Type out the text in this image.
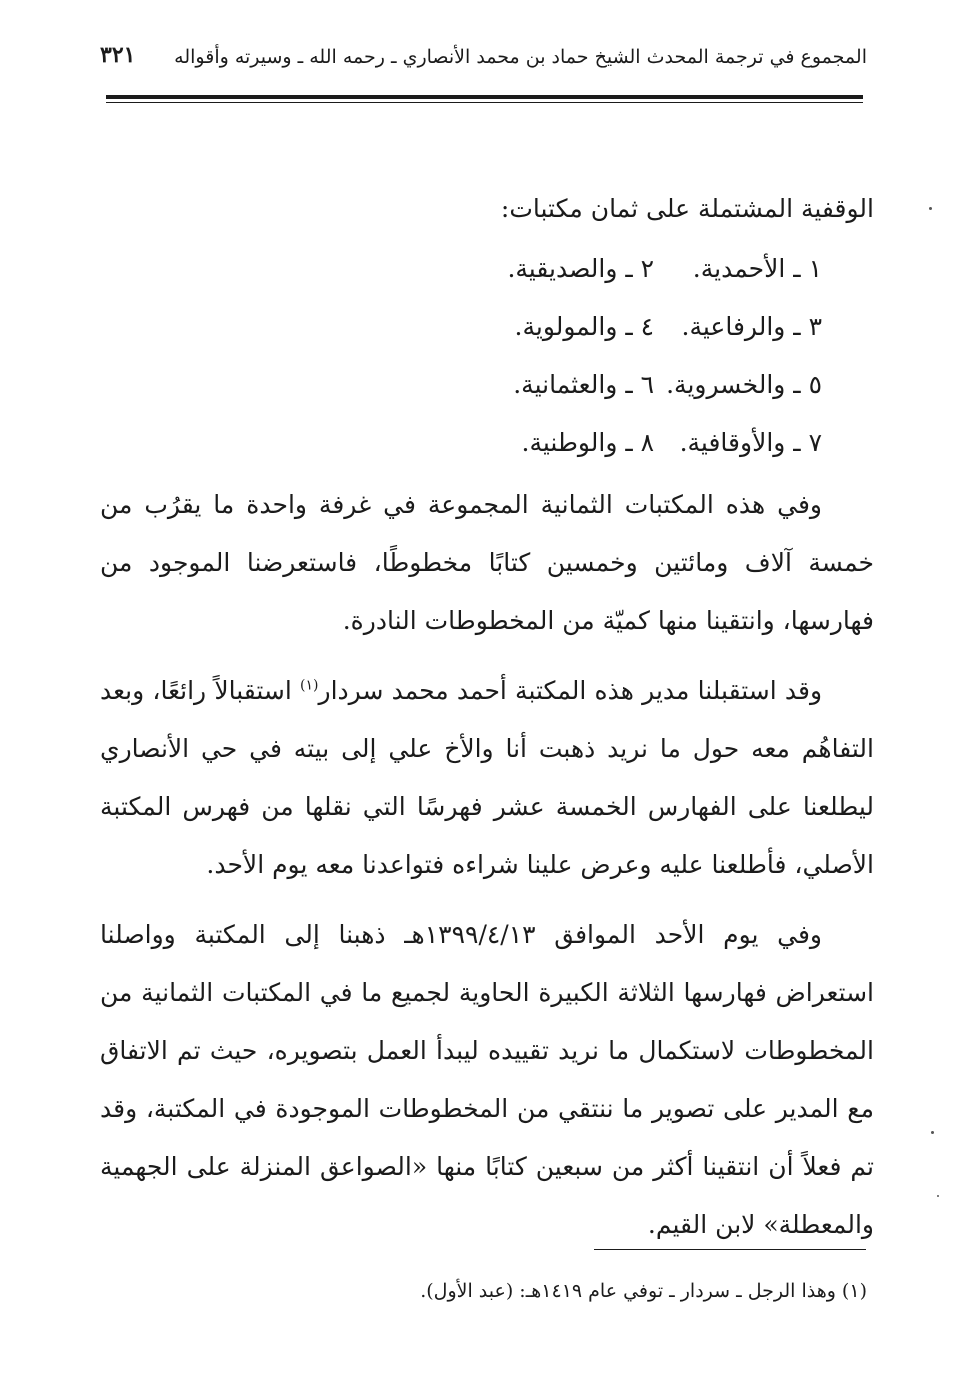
المجموع في ترجمة المحدث الشيخ حماد بن محمد الأنصاري ـ رحمه الله ـ وسيرته وأقواله
٣٢١

الوقفية المشتملة على ثمان مكتبات:

١ ـ الأحمدية. ٢ ـ والصديقية.
٣ ـ والرفاعية. ٤ ـ والمولوية.
٥ ـ والخسروية. ٦ ـ والعثمانية.
٧ ـ والأوقافية. ٨ ـ والوطنية.

وفي هذه المكتبات الثمانية المجموعة في غرفة واحدة ما يقرُب من خمسة آلاف ومائتين وخمسين كتابًا مخطوطًا، فاستعرضنا الموجود من فهارسها، وانتقينا منها كميّة من المخطوطات النادرة.

وقد استقبلنا مدير هذه المكتبة أحمد محمد سردار$^{(١)}$ استقبالاً رائعًا، وبعد التفاهُم معه حول ما نريد ذهبت أنا والأخ علي إلى بيته في حي الأنصاري ليطلعنا على الفهارس الخمسة عشر فهرسًا التي نقلها من فهرس المكتبة الأصلي، فأطلعنا عليه وعرض علينا شراءه فتواعدنا معه يوم الأحد.

وفي يوم الأحد الموافق ١٣٩٩/٤/١٣هـ ذهبنا إلى المكتبة وواصلنا استعراض فهارسها الثلاثة الكبيرة الحاوية لجميع ما في المكتبات الثمانية من المخطوطات لاستكمال ما نريد تقييده ليبدأ العمل بتصويره، حيث تم الاتفاق مع المدير على تصوير ما ننتقي من المخطوطات الموجودة في المكتبة، وقد تم فعلاً أن انتقينا أكثر من سبعين كتابًا منها «الصواعق المنزلة على الجهمية والمعطلة» لابن القيم.

(١) وهذا الرجل ـ سردار ـ توفي عام ١٤١٩هـ: (عبد الأول).
